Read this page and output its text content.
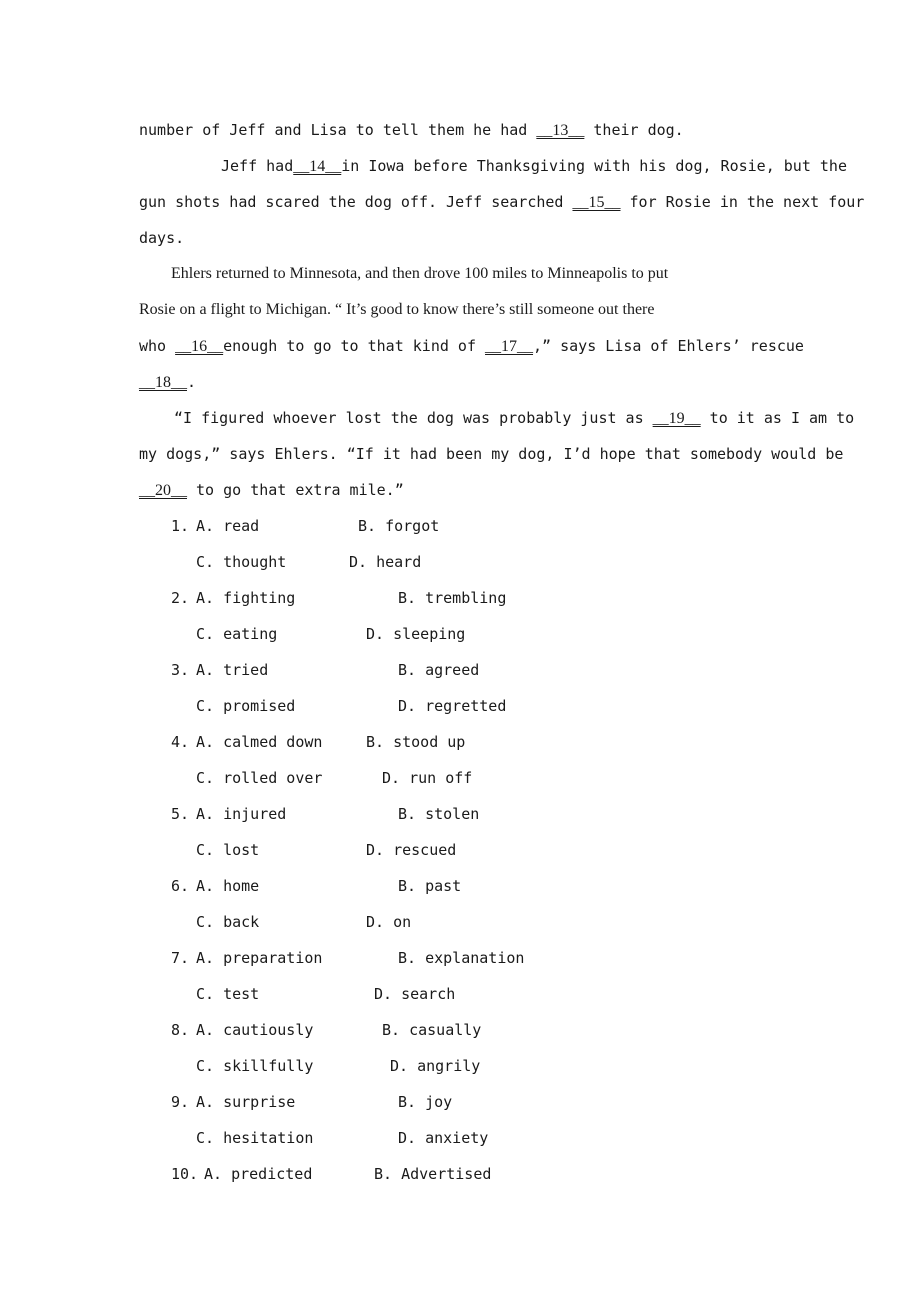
number of Jeff and Lisa to tell them he had __13__ their dog.
Jeff had__14__in Iowa before Thanksgiving with his dog, Rosie, but the
gun shots had scared the dog off. Jeff searched __15__ for Rosie in the next four
days.
Ehlers returned to Minnesota, and then drove 100 miles to Minneapolis to put
Rosie on a flight to Michigan. “ It’s good to know there’s still someone out there
who __16__enough to go to that kind of __17__,” says Lisa of Ehlers’ rescue
__18__.
“I figured whoever lost the dog was probably just as __19__ to it as I am to
my dogs,” says Ehlers. “If it had been my dog, I’d hope that somebody would be
__20__ to go that extra mile.”
1. A. read	B. forgot
C. thought	D. heard
2. A. fighting	B. trembling
C. eating	D. sleeping
3. A. tried	B. agreed
C. promised	D. regretted
4. A. calmed down	B. stood up
C. rolled over	D. run off
5. A. injured	B. stolen
C. lost	D. rescued
6. A. home	B. past
C. back	D. on
7. A. preparation	B. explanation
C. test	D. search
8. A. cautiously	B. casually
C. skillfully	D. angrily
9. A. surprise	B. joy
C. hesitation	D. anxiety
10. A. predicted	B. Advertised
